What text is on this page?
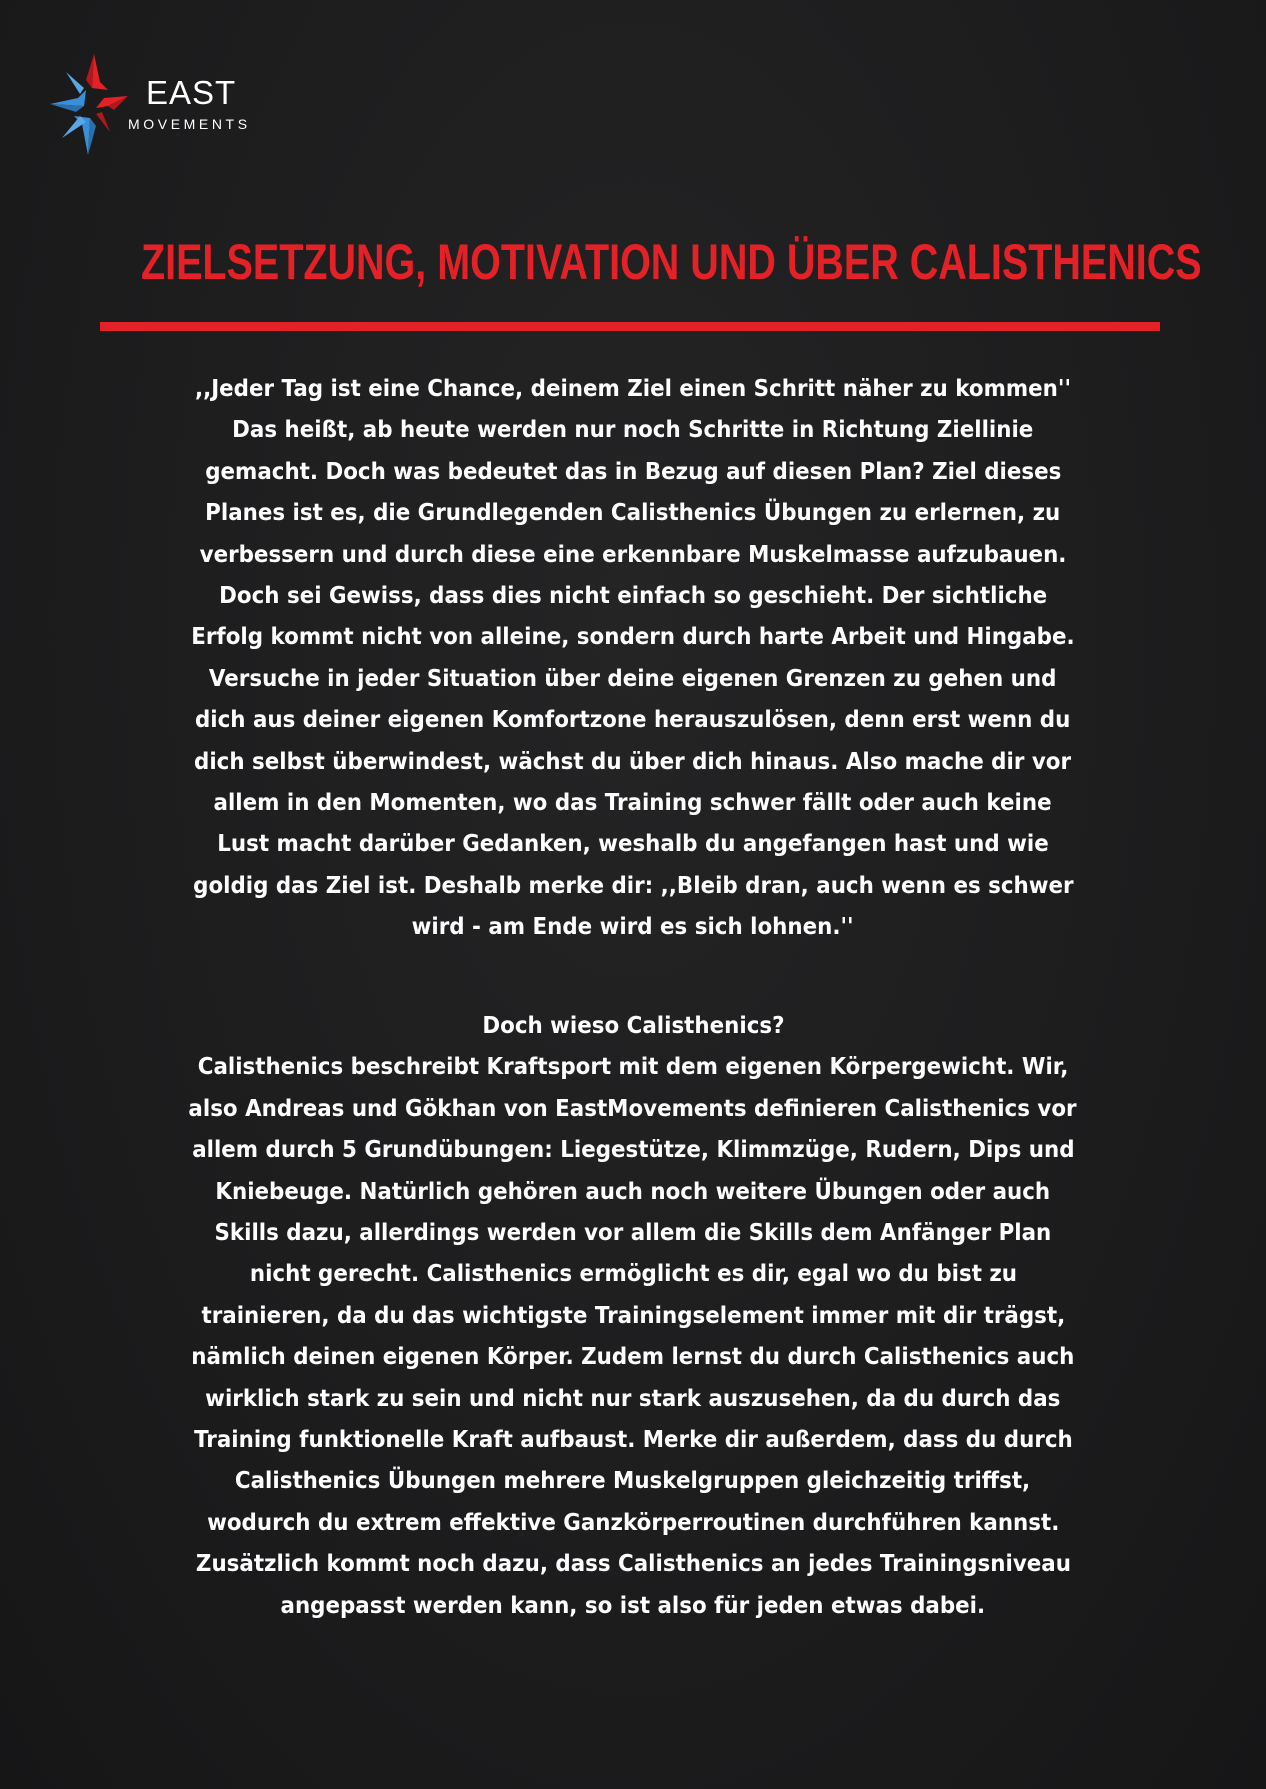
EAST
MOVEMENTS
ZIELSETZUNG, MOTIVATION UND ÜBER CALISTHENICS
,,Jeder Tag ist eine Chance, deinem Ziel einen Schritt näher zu kommen''
Das heißt, ab heute werden nur noch Schritte in Richtung Ziellinie
gemacht. Doch was bedeutet das in Bezug auf diesen Plan? Ziel dieses
Planes ist es, die Grundlegenden Calisthenics Übungen zu erlernen, zu
verbessern und durch diese eine erkennbare Muskelmasse aufzubauen.
Doch sei Gewiss, dass dies nicht einfach so geschieht. Der sichtliche
Erfolg kommt nicht von alleine, sondern durch harte Arbeit und Hingabe.
Versuche in jeder Situation über deine eigenen Grenzen zu gehen und
dich aus deiner eigenen Komfortzone herauszulösen, denn erst wenn du
dich selbst überwindest, wächst du über dich hinaus. Also mache dir vor
allem in den Momenten, wo das Training schwer fällt oder auch keine
Lust macht darüber Gedanken, weshalb du angefangen hast und wie
goldig das Ziel ist. Deshalb merke dir: ,,Bleib dran, auch wenn es schwer
wird - am Ende wird es sich lohnen.''
Doch wieso Calisthenics?
Calisthenics beschreibt Kraftsport mit dem eigenen Körpergewicht. Wir,
also Andreas und Gökhan von EastMovements definieren Calisthenics vor
allem durch 5 Grundübungen: Liegestütze, Klimmzüge, Rudern, Dips und
Kniebeuge. Natürlich gehören auch noch weitere Übungen oder auch
Skills dazu, allerdings werden vor allem die Skills dem Anfänger Plan
nicht gerecht. Calisthenics ermöglicht es dir, egal wo du bist zu
trainieren, da du das wichtigste Trainingselement immer mit dir trägst,
nämlich deinen eigenen Körper. Zudem lernst du durch Calisthenics auch
wirklich stark zu sein und nicht nur stark auszusehen, da du durch das
Training funktionelle Kraft aufbaust. Merke dir außerdem, dass du durch
Calisthenics Übungen mehrere Muskelgruppen gleichzeitig triffst,
wodurch du extrem effektive Ganzkörperroutinen durchführen kannst.
Zusätzlich kommt noch dazu, dass Calisthenics an jedes Trainingsniveau
angepasst werden kann, so ist also für jeden etwas dabei.
